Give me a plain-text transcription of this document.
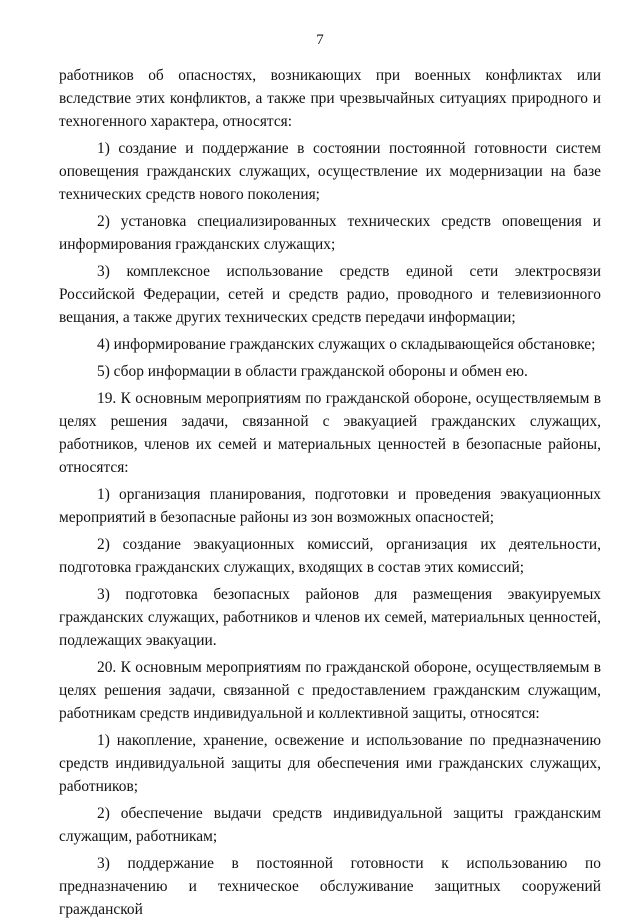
7

работников об опасностях, возникающих при военных конфликтах или вследствие этих конфликтов, а также при чрезвычайных ситуациях природного и техногенного характера, относятся:

1) создание и поддержание в состоянии постоянной готовности систем оповещения гражданских служащих, осуществление их модернизации на базе технических средств нового поколения;

2) установка специализированных технических средств оповещения и информирования гражданских служащих;

3) комплексное использование средств единой сети электросвязи Российской Федерации, сетей и средств радио, проводного и телевизионного вещания, а также других технических средств передачи информации;

4) информирование гражданских служащих о складывающейся обстановке;

5) сбор информации в области гражданской обороны и обмен ею.

19. К основным мероприятиям по гражданской обороне, осуществляемым в целях решения задачи, связанной с эвакуацией гражданских служащих, работников, членов их семей и материальных ценностей в безопасные районы, относятся:

1) организация планирования, подготовки и проведения эвакуационных мероприятий в безопасные районы из зон возможных опасностей;

2) создание эвакуационных комиссий, организация их деятельности, подготовка гражданских служащих, входящих в состав этих комиссий;

3) подготовка безопасных районов для размещения эвакуируемых гражданских служащих, работников и членов их семей, материальных ценностей, подлежащих эвакуации.

20. К основным мероприятиям по гражданской обороне, осуществляемым в целях решения задачи, связанной с предоставлением гражданским служащим, работникам средств индивидуальной и коллективной защиты, относятся:

1) накопление, хранение, освежение и использование по предназначению средств индивидуальной защиты для обеспечения ими гражданских служащих, работников;

2) обеспечение выдачи средств индивидуальной защиты гражданским служащим, работникам;

3) поддержание в постоянной готовности к использованию по предназначению и техническое обслуживание защитных сооружений гражданской
